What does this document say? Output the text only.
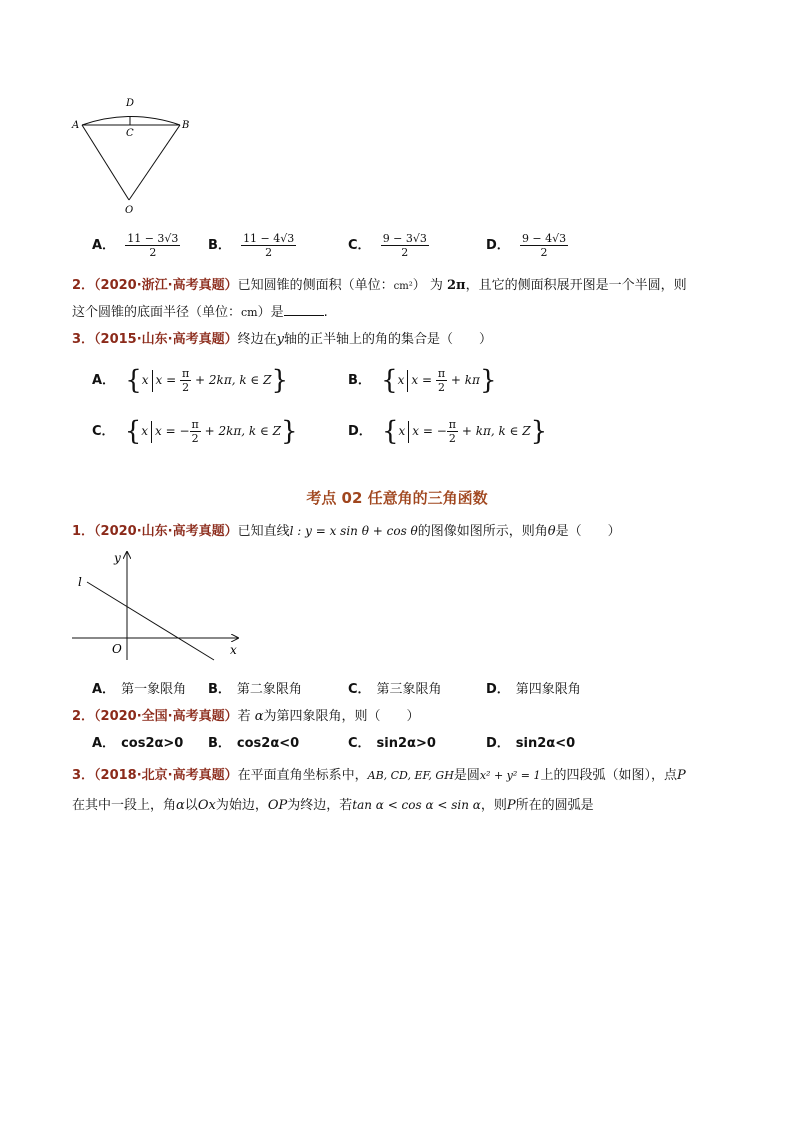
A	B
D
C
O
A． $\frac{11 - 3√3}{2}$ B． $\frac{11 - 4√3}{2}$	C． $\frac{9 - 3√3}{2}$	D． $\frac{9 - 4√3}{2}$
2．（2020·浙江·高考真题）已知圆锥的侧面积（单位：cm²） 为 2π，且它的侧面积展开图是一个半圆，则
这个圆锥的底面半径（单位：cm）是	.
3．（2015·山东·高考真题）终边在y轴的正半轴上的角的集合是（　　）
A． {x $x = \frac{\pi}{2} + 2k\pi$, k ∈ Z}	B． {x $x = \frac{\pi}{2} + k\pi$}
C． {x x = − $\frac{\pi}{2} + 2k\pi$, k ∈ Z}	D． {x x = − $\frac{\pi}{2} + k\pi$, k ∈ Z}
考点 02 任意角的三角函数
1．（2020·山东·高考真题）已知直线l : y = x sin θ + cos θ的图像如图所示，则角θ是（　　）
y
x
O
l
A． 第一象限角 B． 第二象限角	C． 第三象限角	D． 第四象限角
2．（2020·全国·高考真题）若 α为第四象限角，则（　　）
A． cos2α>0 B． cos2α<0	C． sin2α>0	D． sin2α<0
3．（2018·北京·高考真题）在平面直角坐标系中，AB, CD, EF, GH是圆x² + y² = 1上的四段弧（如图），点P
在其中一段上，角α以Ox为始边，OP为终边，若tan α < cos α < sin α，则P所在的圆弧是
